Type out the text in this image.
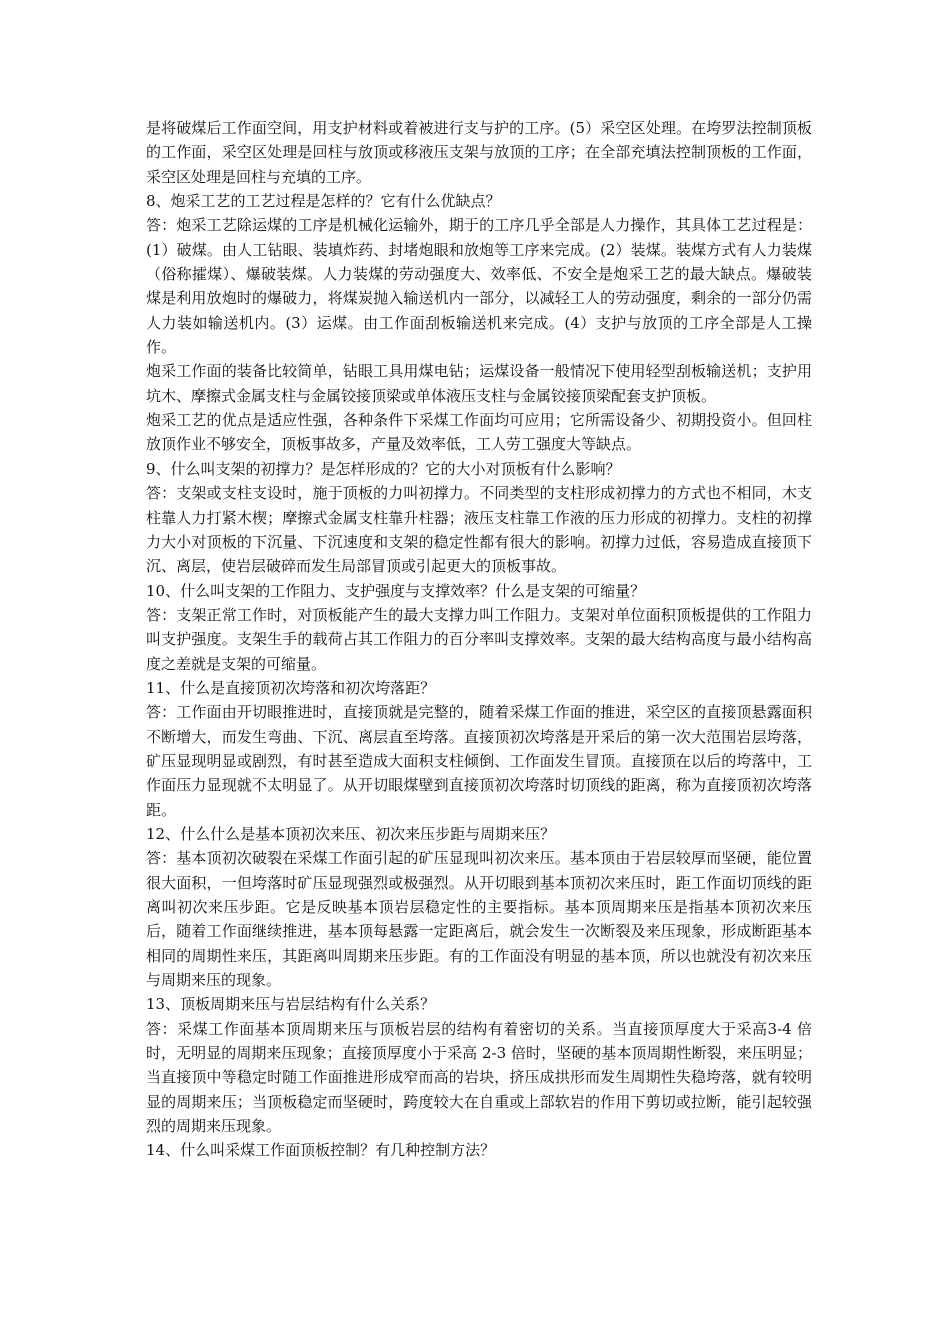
是将破煤后工作面空间，用支护材料或着被进行支与护的工序。(5）采空区处理。在垮罗法控制顶板的工作面，采空区处理是回柱与放顶或移液压支架与放顶的工序；在全部充填法控制顶板的工作面，采空区处理是回柱与充填的工序。

8、炮采工艺的工艺过程是怎样的？它有什么优缺点？

答：炮采工艺除运煤的工序是机械化运输外，期于的工序几乎全部是人力操作，其具体工艺过程是：(1）破煤。由人工钻眼、装填炸药、封堵炮眼和放炮等工序来完成。(2）装煤。装煤方式有人力装煤（俗称攉煤）、爆破装煤。人力装煤的劳动强度大、效率低、不安全是炮采工艺的最大缺点。爆破装煤是利用放炮时的爆破力，将煤炭抛入输送机内一部分，以减轻工人的劳动强度，剩余的一部分仍需人力装如输送机内。(3）运煤。由工作面刮板输送机来完成。(4）支护与放顶的工序全部是人工操作。

炮采工作面的装备比较简单，钻眼工具用煤电钻；运煤设备一般情况下使用轻型刮板输送机；支护用坑木、摩擦式金属支柱与金属铰接顶梁或单体液压支柱与金属铰接顶梁配套支护顶板。

炮采工艺的优点是适应性强，各种条件下采煤工作面均可应用；它所需设备少、初期投资小。但回柱放顶作业不够安全，顶板事故多，产量及效率低，工人劳工强度大等缺点。

9、什么叫支架的初撑力？是怎样形成的？它的大小对顶板有什么影响？

答：支架或支柱支设时，施于顶板的力叫初撑力。不同类型的支柱形成初撑力的方式也不相同，木支柱靠人力打紧木楔；摩擦式金属支柱靠升柱器；液压支柱靠工作液的压力形成的初撑力。支柱的初撑力大小对顶板的下沉量、下沉速度和支架的稳定性都有很大的影响。初撑力过低，容易造成直接顶下沉、离层，使岩层破碎而发生局部冒顶或引起更大的顶板事故。

10、什么叫支架的工作阻力、支护强度与支撑效率？什么是支架的可缩量？

答：支架正常工作时，对顶板能产生的最大支撑力叫工作阻力。支架对单位面积顶板提供的工作阻力叫支护强度。支架生手的载荷占其工作阻力的百分率叫支撑效率。支架的最大结构高度与最小结构高度之差就是支架的可缩量。

11、什么是直接顶初次垮落和初次垮落距？

答：工作面由开切眼推进时，直接顶就是完整的，随着采煤工作面的推进，采空区的直接顶悬露面积不断增大，而发生弯曲、下沉、离层直至垮落。直接顶初次垮落是开采后的第一次大范围岩层垮落，矿压显现明显或剧烈，有时甚至造成大面积支柱倾倒、工作面发生冒顶。直接顶在以后的垮落中，工作面压力显现就不太明显了。从开切眼煤壁到直接顶初次垮落时切顶线的距离，称为直接顶初次垮落距。

12、什么什么是基本顶初次来压、初次来压步距与周期来压？

答：基本顶初次破裂在采煤工作面引起的矿压显现叫初次来压。基本顶由于岩层较厚而坚硬，能位置很大面积，一但垮落时矿压显现强烈或极强烈。从开切眼到基本顶初次来压时，距工作面切顶线的距离叫初次来压步距。它是反映基本顶岩层稳定性的主要指标。基本顶周期来压是指基本顶初次来压后，随着工作面继续推进，基本顶每悬露一定距离后，就会发生一次断裂及来压现象，形成断距基本相同的周期性来压，其距离叫周期来压步距。有的工作面没有明显的基本顶，所以也就没有初次来压与周期来压的现象。

13、顶板周期来压与岩层结构有什么关系？

答：采煤工作面基本顶周期来压与顶板岩层的结构有着密切的关系。当直接顶厚度大于采高3-4 倍时，无明显的周期来压现象；直接顶厚度小于采高 2-3 倍时，坚硬的基本顶周期性断裂，来压明显；当直接顶中等稳定时随工作面推进形成窄而高的岩块，挤压成拱形而发生周期性失稳垮落，就有较明显的周期来压；当顶板稳定而坚硬时，跨度较大在自重或上部软岩的作用下剪切或拉断，能引起较强烈的周期来压现象。

14、什么叫采煤工作面顶板控制？有几种控制方法？
